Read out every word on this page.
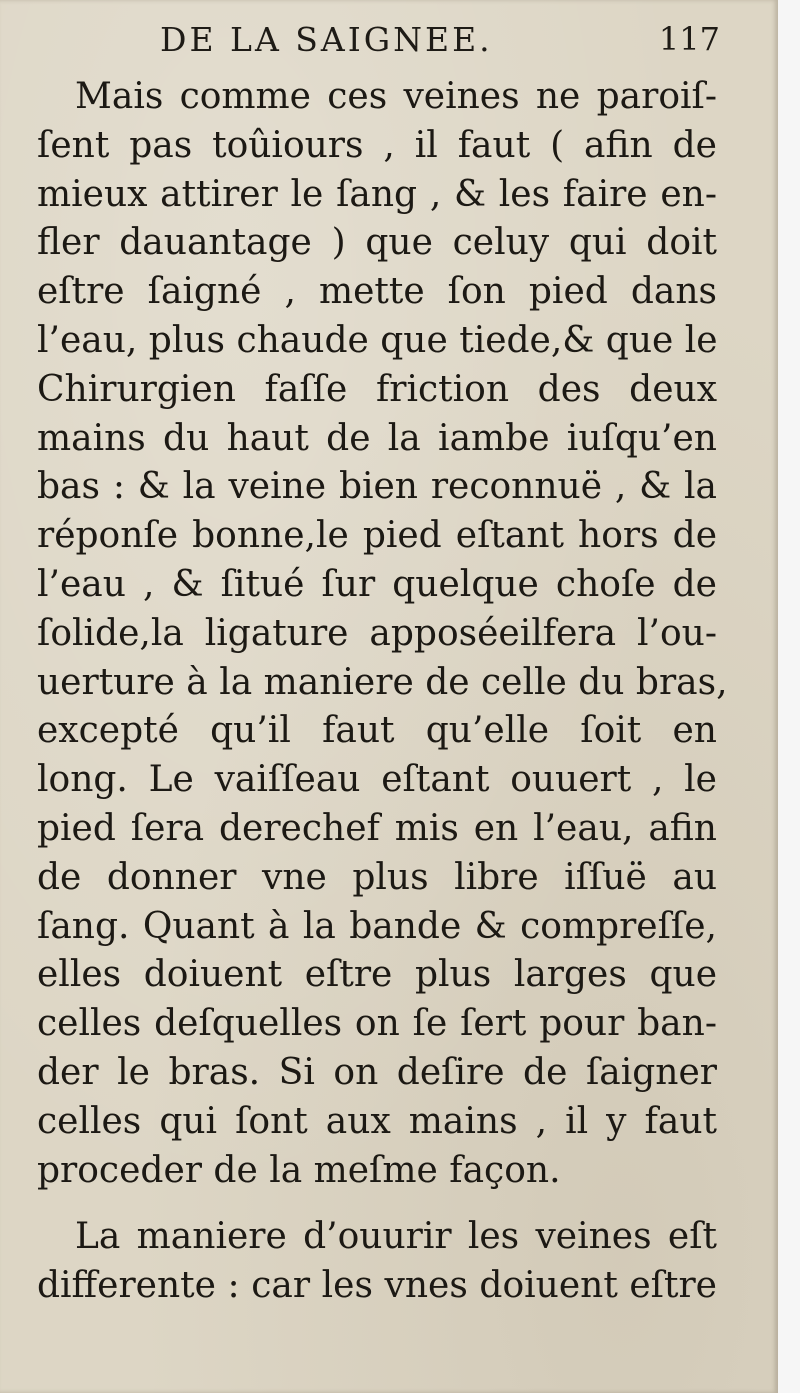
DE LA SAIGNEE.	117
Mais comme ces veines ne paroiſ-
ſent pas toûiours , il faut ( afin de
mieux attirer le ſang , & les faire en-
fler dauantage ) que celuy qui doit
eſtre ſaigné , mette ſon pied dans
l’eau, plus chaude que tiede,& que le
Chirurgien faſſe friction des deux
mains du haut de la iambe iuſqu’en
bas : & la veine bien reconnuë , & la
réponſe bonne,le pied eſtant hors de
l’eau , & ſitué ſur quelque choſe de
ſolide,la ligature apposéeilfera l’ou-
uerture à la maniere de celle du bras,
excepté qu’il faut qu’elle ſoit en
long. Le vaiſſeau eſtant ouuert , le
pied ſera derechef mis en l’eau, afin
de donner vne plus libre iſſuë au
ſang. Quant à la bande & compreſſe,
elles doiuent eſtre plus larges que
celles deſquelles on ſe ſert pour ban-
der le bras. Si on deſire de ſaigner
celles qui ſont aux mains , il y faut
proceder de la meſme façon.
La maniere d’ouurir les veines eſt
differente : car les vnes doiuent eſtre
